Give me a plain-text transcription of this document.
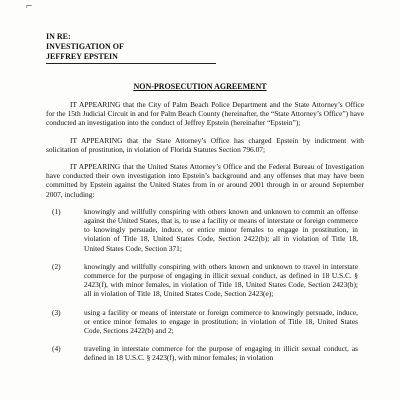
⌐
IN RE:
INVESTIGATION OF
JEFFREY EPSTEIN
NON-PROSECUTION AGREEMENT

IT APPEARING that the City of Palm Beach Police Department and the State Attorney’s Office for the 15th Judicial Circuit in and for Palm Beach County (hereinafter, the “State Attorney’s Office”) have conducted an investigation into the conduct of Jeffrey Epstein (hereinafter “Epstein”);

IT APPEARING that the State Attorney’s Office has charged Epstein by indictment with solicitation of prostitution, in violation of Florida Statutes Section 796.07;

IT APPEARING that the United States Attorney’s Office and the Federal Bureau of Investigation have conducted their own investigation into Epstein’s background and any offenses that may have been committed by Epstein against the United States from in or around 2001 through in or around September 2007, including:

(1)	knowingly and willfully conspiring with others known and unknown to commit an offense against the United States, that is, to use a facility or means of interstate or foreign commerce to knowingly persuade, induce, or entice minor females to engage in prostitution, in violation of Title 18, United States Code, Section 2422(b); all in violation of Title 18, United States Code, Section 371;
(2)	knowingly and willfully conspiring with others known and unknown to travel in interstate commerce for the purpose of engaging in illicit sexual conduct, as defined in 18 U.S.C. § 2423(f), with minor females, in violation of Title 18, United States Code, Section 2423(b); all in violation of Title 18, United States Code, Section 2423(e);
(3)	using a facility or means of interstate or foreign commerce to knowingly persuade, induce, or entice minor females to engage in prostitution; in violation of Title 18, United States Code, Sections 2422(b) and 2;
(4)	traveling in interstate commerce for the purpose of engaging in illicit sexual conduct, as defined in 18 U.S.C. § 2423(f), with minor females; in violation
